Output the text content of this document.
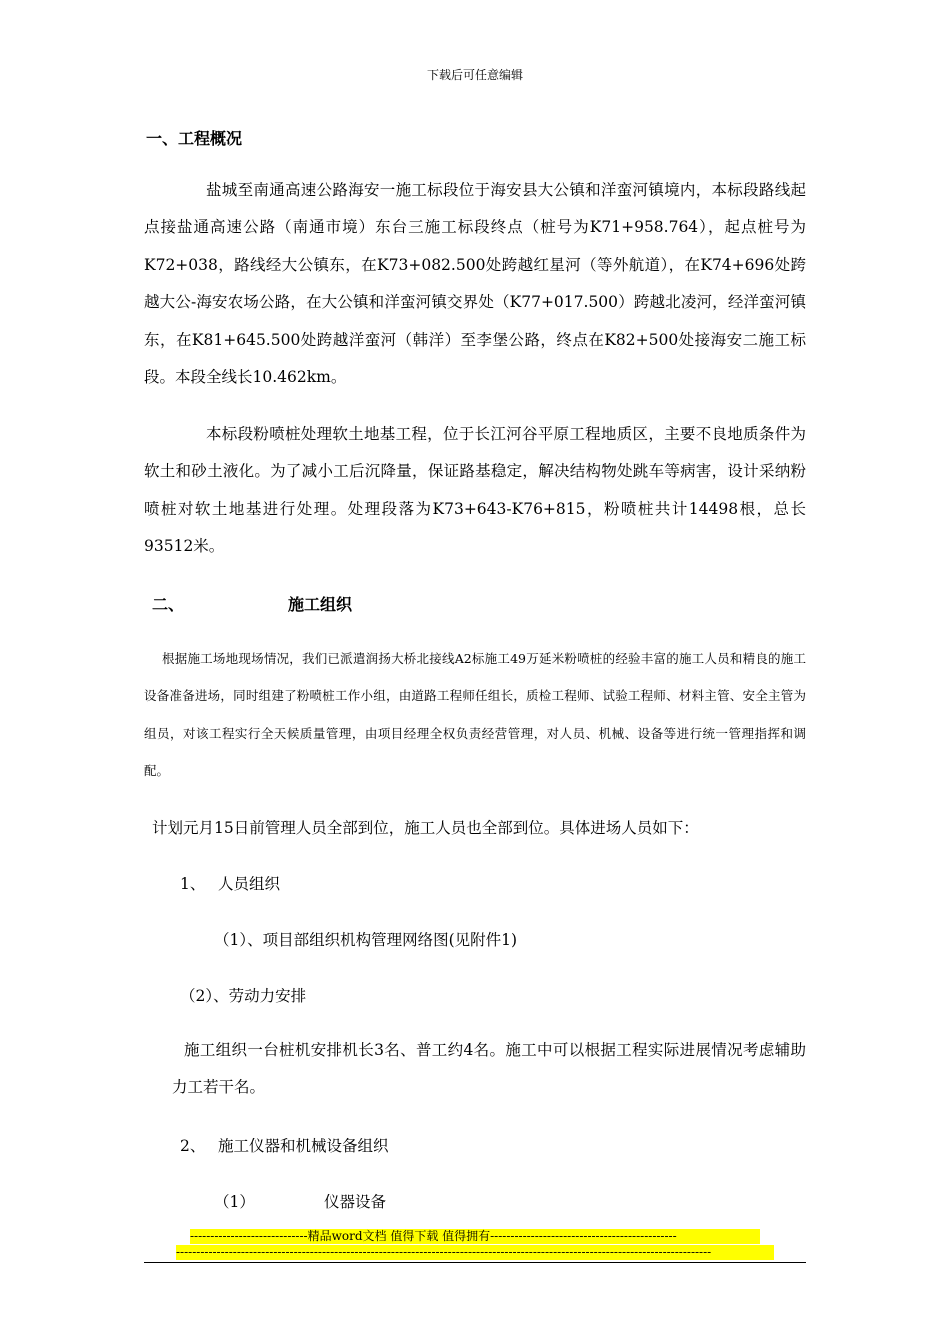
下载后可任意编辑
一、工程概况
盐城至南通高速公路海安一施工标段位于海安县大公镇和洋蛮河镇境内，本标段路线起点接盐通高速公路（南通市境）东台三施工标段终点（桩号为K71+958.764），起点桩号为K72+038，路线经大公镇东，在K73+082.500处跨越红星河（等外航道），在K74+696处跨越大公-海安农场公路，在大公镇和洋蛮河镇交界处（K77+017.500）跨越北凌河，经洋蛮河镇东，在K81+645.500处跨越洋蛮河（韩洋）至李堡公路，终点在K82+500处接海安二施工标段。本段全线长10.462km。
本标段粉喷桩处理软土地基工程，位于长江河谷平原工程地质区，主要不良地质条件为软土和砂土液化。为了减小工后沉降量，保证路基稳定，解决结构物处跳车等病害，设计采纳粉喷桩对软土地基进行处理。处理段落为K73+643-K76+815，粉喷桩共计14498根，总长93512米。
二、	施工组织
根据施工场地现场情况，我们已派遣润扬大桥北接线A2标施工49万延米粉喷桩的经验丰富的施工人员和精良的施工设备准备进场，同时组建了粉喷桩工作小组，由道路工程师任组长，质检工程师、试验工程师、材料主管、安全主管为组员，对该工程实行全天候质量管理，由项目经理全权负责经营管理，对人员、机械、设备等进行统一管理指挥和调配。
计划元月15日前管理人员全部到位，施工人员也全部到位。具体进场人员如下：
1、 人员组织
（1）、项目部组织机构管理网络图(见附件1)
（2）、劳动力安排
施工组织一台桩机安排机长3名、普工约4名。施工中可以根据工程实际进展情况考虑辅助力工若干名。
2、 施工仪器和机械设备组织
（1）	仪器设备
-----------------------------精品word文档 值得下载 值得拥有----------------------------------------------
------------------------------------------------------------------------------------------------------------------------------------
